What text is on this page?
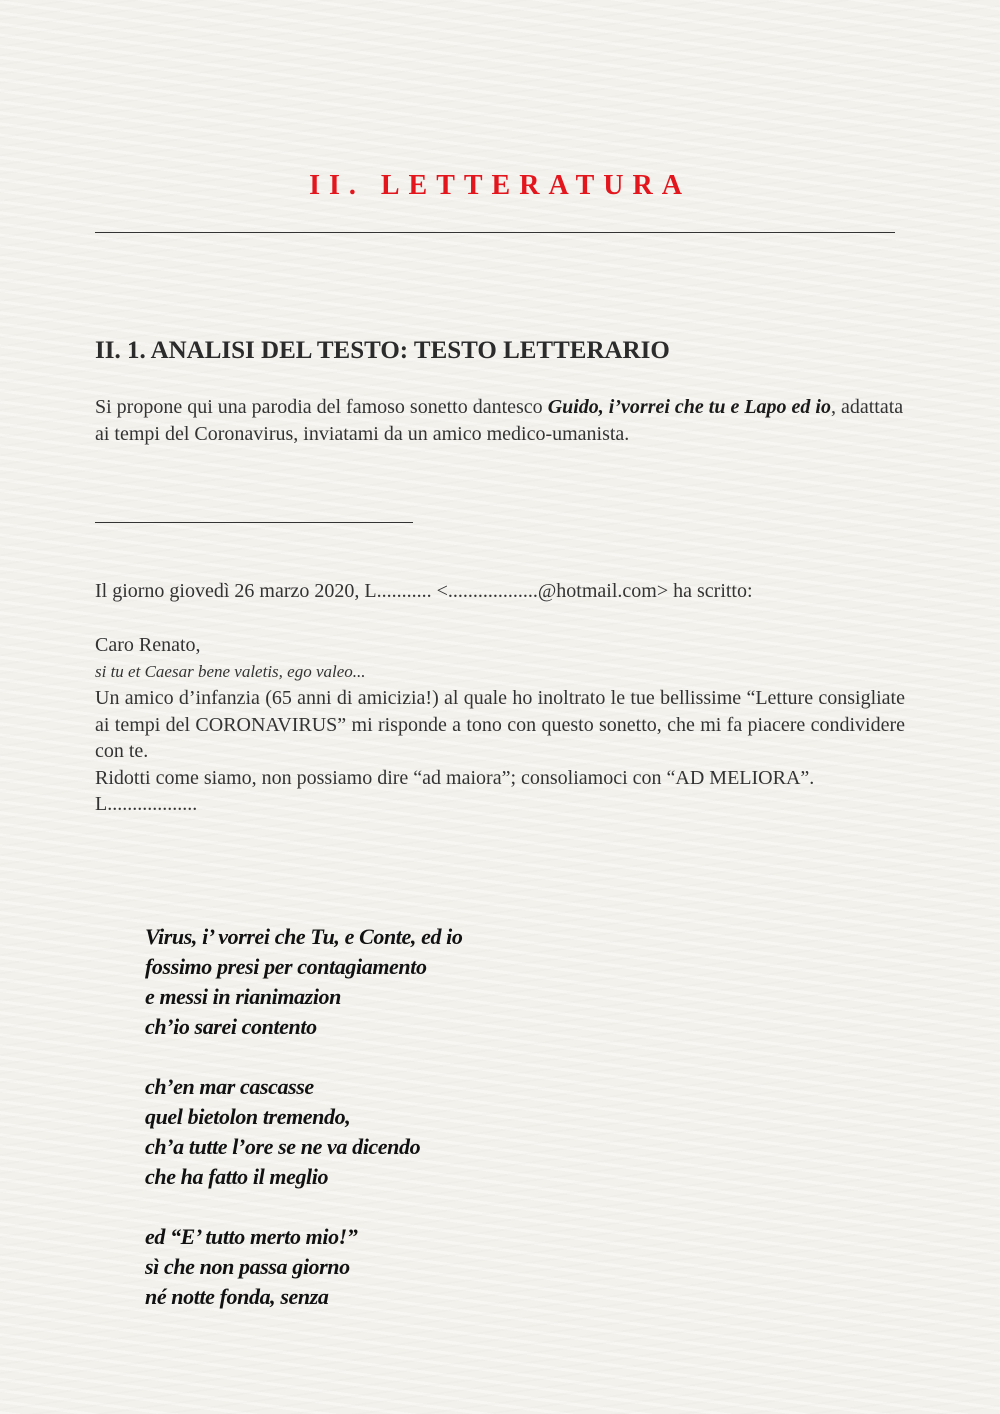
II. LETTERATURA
II. 1. ANALISI DEL TESTO: TESTO LETTERARIO
Si propone qui una parodia del famoso sonetto dantesco Guido, i’vorrei che tu e Lapo ed io, adattata ai tempi del Coronavirus, inviatami da un amico medico-umanista.
Il giorno giovedì 26 marzo 2020, L........... <..................@hotmail.com> ha scritto:

Caro Renato,

si tu et Caesar bene valetis, ego valeo...

Un amico d’infanzia (65 anni di amicizia!) al quale ho inoltrato le tue bellissime “Letture consigliate ai tempi del CORONAVIRUS” mi risponde a tono con questo sonetto, che mi fa piacere condividere con te.

Ridotti come siamo, non possiamo dire “ad maiora”; consoliamoci con “AD MELIORA”.

L..................

Virus, i’ vorrei che Tu, e Conte, ed io
fossimo presi per contagiamento
e messi in rianimazion
ch’io sarei contento
ch’en mar cascasse
quel bietolon tremendo,
ch’a tutte l’ore se ne va dicendo
che ha fatto il meglio
ed “E’ tutto merto mio!”
sì che non passa giorno
né notte fonda, senza
